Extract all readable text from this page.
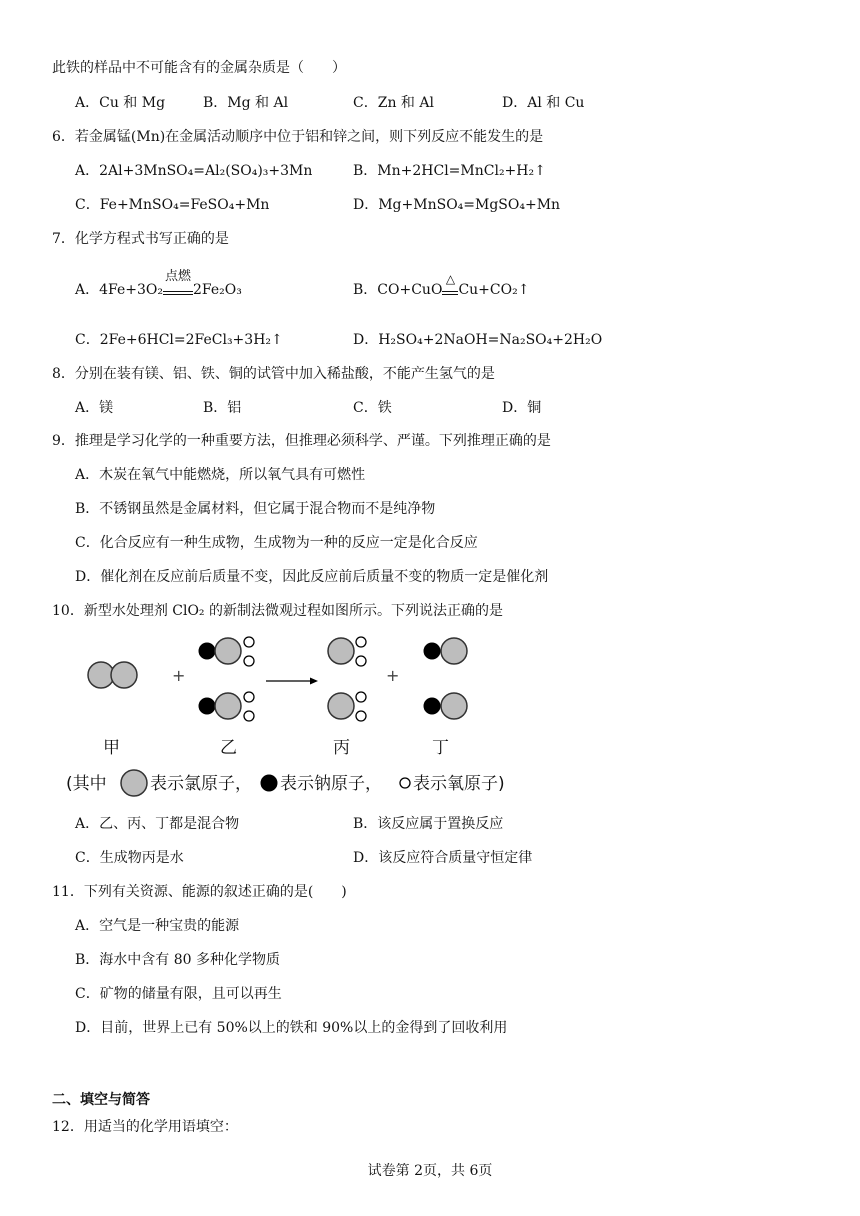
此铁的样品中不可能含有的金属杂质是（　　）
A．Cu 和 Mg	B．Mg 和 Al	C．Zn 和 Al	D．Al 和 Cu
6．若金属锰(Mn)在金属活动顺序中位于铝和锌之间，则下列反应不能发生的是
A．2Al+3MnSO₄=Al₂(SO₄)₃+3Mn	B．Mn+2HCl=MnCl₂+H₂↑
C．Fe+MnSO₄=FeSO₄+Mn	D．Mg+MnSO₄=MgSO₄+Mn
7．化学方程式书写正确的是
A．4Fe+3O₂
点燃
2Fe₂O₃	B．CO+CuO
△
Cu+CO₂↑
C．2Fe+6HCl=2FeCl₃+3H₂↑	D．H₂SO₄+2NaOH=Na₂SO₄+2H₂O
8．分别在装有镁、铝、铁、铜的试管中加入稀盐酸，不能产生氢气的是
A．镁	B．铝	C．铁	D．铜
9．推理是学习化学的一种重要方法，但推理必须科学、严谨。下列推理正确的是
A．木炭在氧气中能燃烧，所以氧气具有可燃性
B．不锈钢虽然是金属材料，但它属于混合物而不是纯净物
C．化合反应有一种生成物，生成物为一种的反应一定是化合反应
D．催化剂在反应前后质量不变，因此反应前后质量不变的物质一定是催化剂
10．新型水处理剂 ClO₂ 的新制法微观过程如图所示。下列说法正确的是
+	+
甲	乙	丙	丁
(其中	表示氯原子， 表示钠原子， 表示氧原子)
A．乙、丙、丁都是混合物	B．该反应属于置换反应
C．生成物丙是水	D．该反应符合质量守恒定律
11．下列有关资源、能源的叙述正确的是(　　)
A．空气是一种宝贵的能源
B．海水中含有 80 多种化学物质
C．矿物的储量有限，且可以再生
D．目前，世界上已有 50%以上的铁和 90%以上的金得到了回收利用
二、填空与简答
12．用适当的化学用语填空：
试卷第 2页，共 6页
